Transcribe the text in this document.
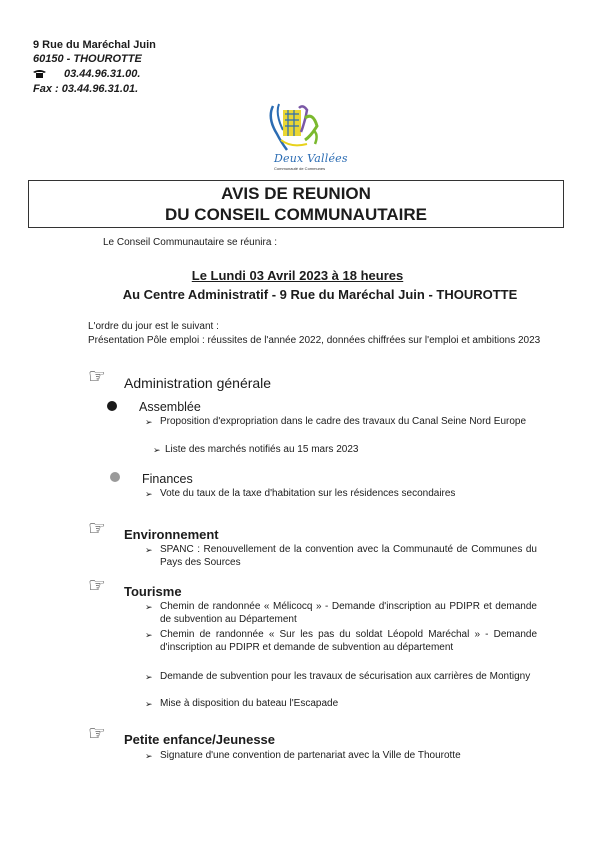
9 Rue du Maréchal Juin
60150 - THOUROTTE
03.44.96.31.00.
Fax : 03.44.96.31.01.
Deux Vallées
Communauté de Communes
AVIS DE REUNION
DU CONSEIL COMMUNAUTAIRE
Le Conseil Communautaire se réunira :
Le Lundi 03 Avril 2023 à 18 heures
Au Centre Administratif - 9 Rue du Maréchal Juin - THOUROTTE
L'ordre du jour est le suivant :
Présentation Pôle emploi : réussites de l'année 2022, données chiffrées sur l'emploi et ambitions 2023
☞ Administration générale
Assemblée
➢ Proposition d'expropriation dans le cadre des travaux du Canal Seine Nord Europe
➢ Liste des marchés notifiés au 15 mars 2023
Finances
➢ Vote du taux de la taxe d'habitation sur les résidences secondaires
☞ Environnement
➢ SPANC : Renouvellement de la convention avec la Communauté de Communes du Pays des Sources
☞ Tourisme
➢ Chemin de randonnée « Mélicocq » - Demande d'inscription au PDIPR et demande de subvention au Département
➢ Chemin de randonnée « Sur les pas du soldat Léopold Maréchal » - Demande d'inscription au PDIPR et demande de subvention au département
➢ Demande de subvention pour les travaux de sécurisation aux carrières de Montigny
➢ Mise à disposition du bateau l'Escapade
☞ Petite enfance/Jeunesse
➢ Signature d'une convention de partenariat avec la Ville de Thourotte
